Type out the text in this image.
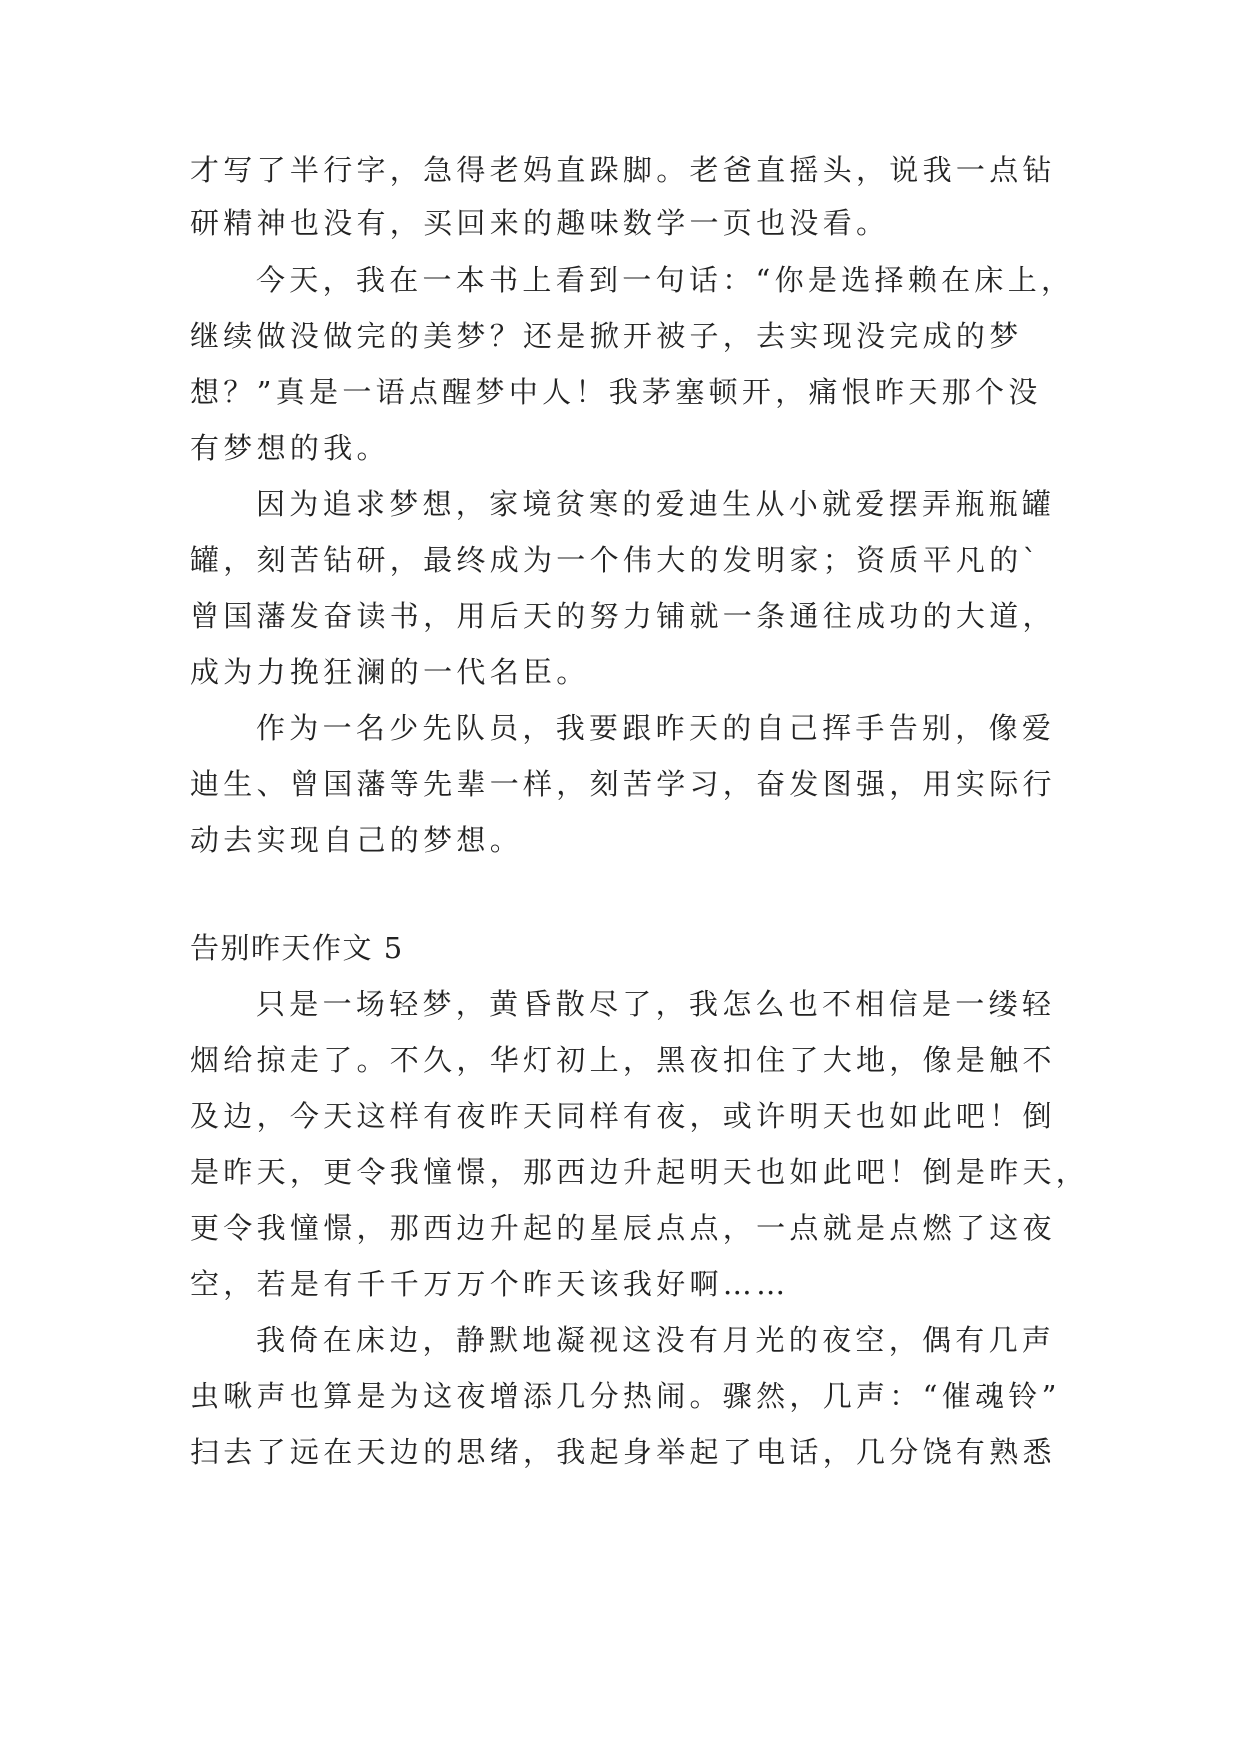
才写了半行字，急得老妈直跺脚。老爸直摇头，说我一点钻
研精神也没有，买回来的趣味数学一页也没看。
今天，我在一本书上看到一句话：“你是选择赖在床上，
继续做没做完的美梦？还是掀开被子，去实现没完成的梦
想？”真是一语点醒梦中人！我茅塞顿开，痛恨昨天那个没
有梦想的我。
因为追求梦想，家境贫寒的爱迪生从小就爱摆弄瓶瓶罐
罐，刻苦钻研，最终成为一个伟大的发明家；资质平凡的`
曾国藩发奋读书，用后天的努力铺就一条通往成功的大道，
成为力挽狂澜的一代名臣。
作为一名少先队员，我要跟昨天的自己挥手告别，像爱
迪生、曾国藩等先辈一样，刻苦学习，奋发图强，用实际行
动去实现自己的梦想。
告别昨天作文 5
只是一场轻梦，黄昏散尽了，我怎么也不相信是一缕轻
烟给掠走了。不久，华灯初上，黑夜扣住了大地，像是触不
及边，今天这样有夜昨天同样有夜，或许明天也如此吧！倒
是昨天，更令我憧憬，那西边升起明天也如此吧！倒是昨天，
更令我憧憬，那西边升起的星辰点点，一点就是点燃了这夜
空，若是有千千万万个昨天该我好啊……
我倚在床边，静默地凝视这没有月光的夜空，偶有几声
虫啾声也算是为这夜增添几分热闹。骤然，几声：“催魂铃”
扫去了远在天边的思绪，我起身举起了电话，几分饶有熟悉
